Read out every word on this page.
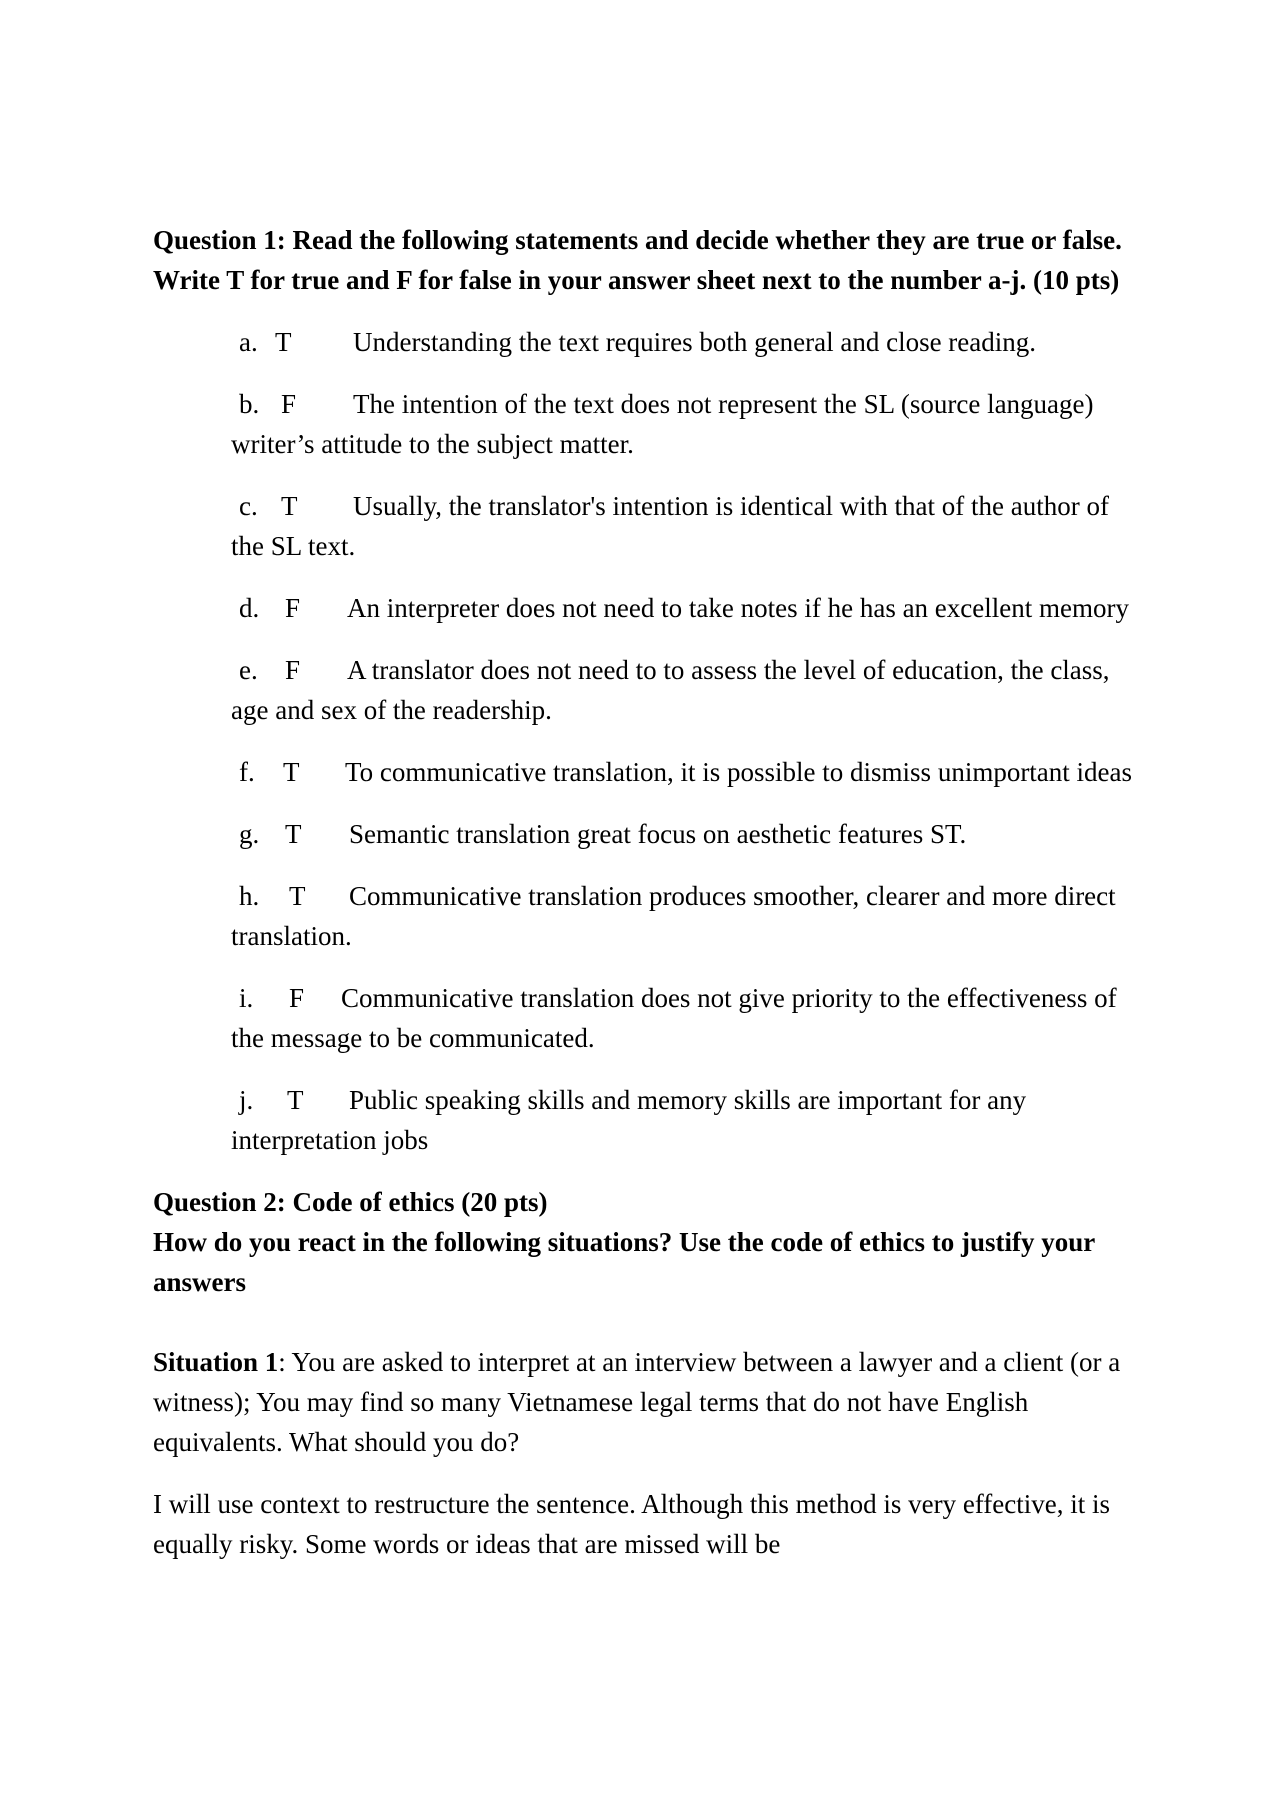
Question 1: Read the following statements and decide whether they are true or false. Write T for true and F for false in your answer sheet next to the number a-j. (10 pts)

a. T Understanding the text requires both general and close reading.

b. F The intention of the text does not represent the SL (source language) writer’s attitude to the subject matter.

c. T Usually, the translator's intention is identical with that of the author of the SL text.

d. F An interpreter does not need to take notes if he has an excellent memory

e. F A translator does not need to to assess the level of education, the class, age and sex of the readership.

f. T To communicative translation, it is possible to dismiss unimportant ideas

g. T Semantic translation great focus on aesthetic features ST.

h. T Communicative translation produces smoother, clearer and more direct translation.

i. F Communicative translation does not give priority to the effectiveness of the message to be communicated.

j. T Public speaking skills and memory skills are important for any interpretation jobs

Question 2: Code of ethics (20 pts)

How do you react in the following situations? Use the code of ethics to justify your answers

Situation 1: You are asked to interpret at an interview between a lawyer and a client (or a witness); You may find so many Vietnamese legal terms that do not have English equivalents. What should you do?

I will use context to restructure the sentence. Although this method is very effective, it is equally risky. Some words or ideas that are missed will be
